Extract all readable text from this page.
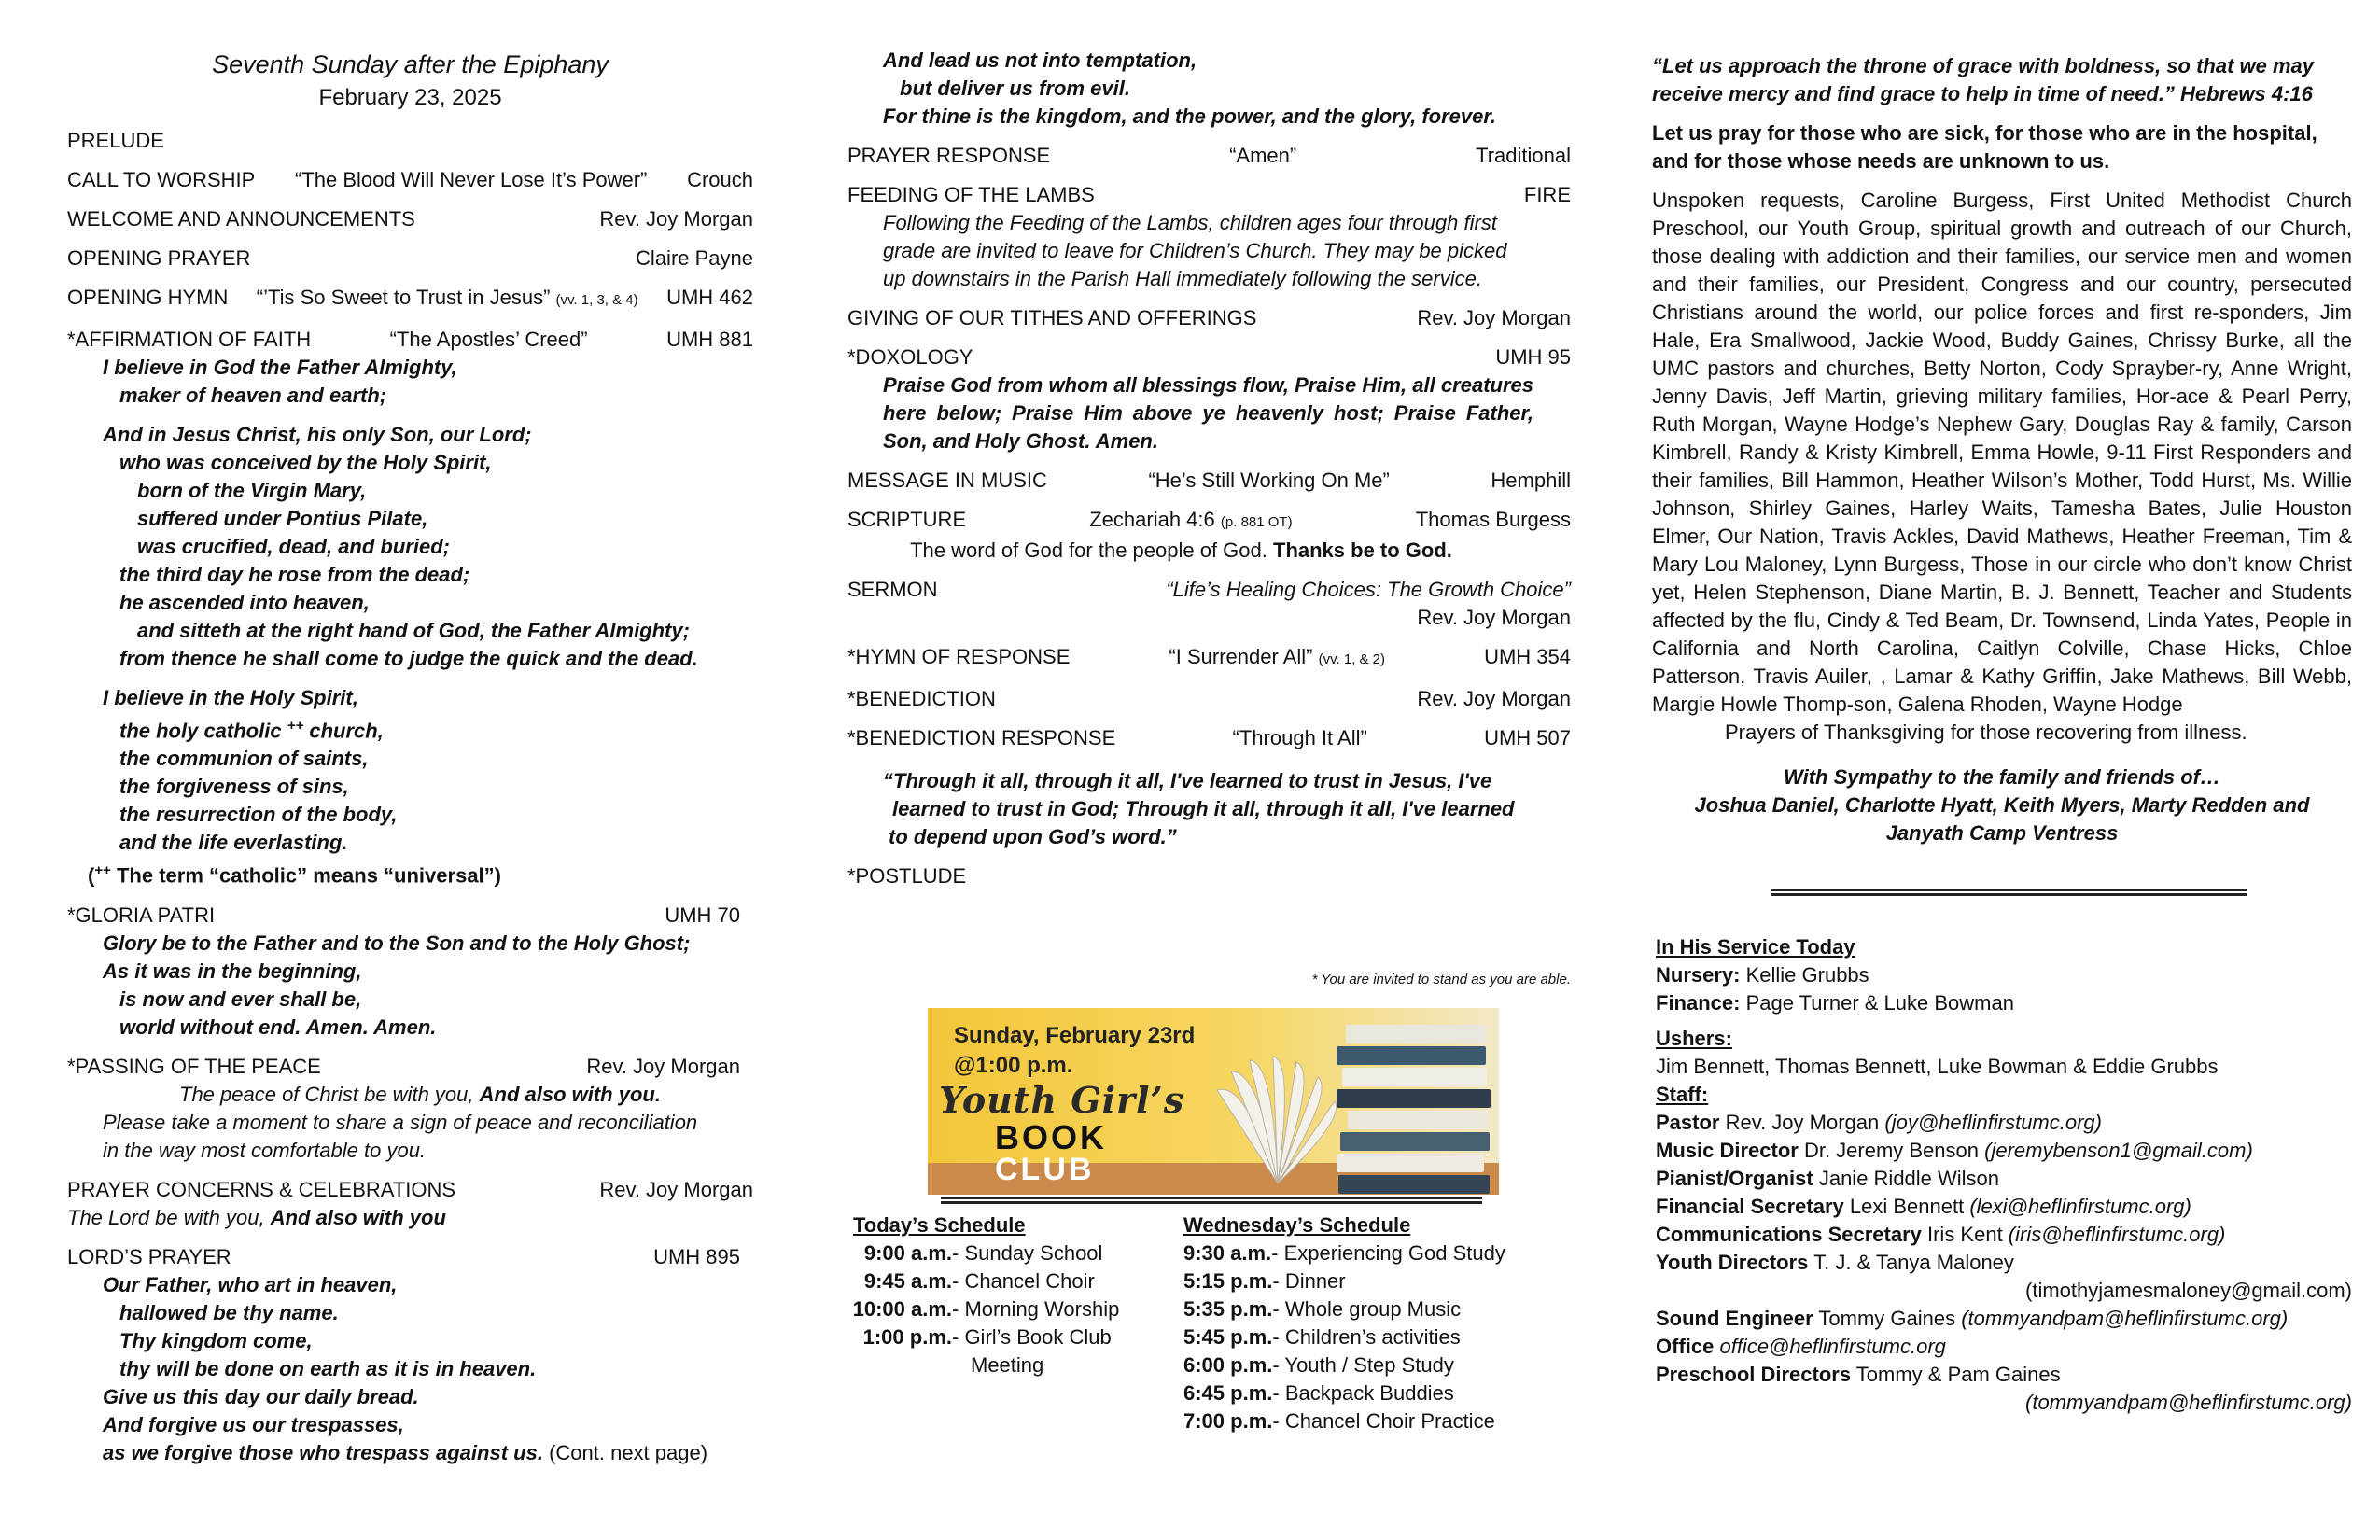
Seventh Sunday after the Epiphany
February 23, 2025
PRELUDE
CALL TO WORSHIP	“The Blood Will Never Lose It’s Power”	Crouch
WELCOME AND ANNOUNCEMENTS	Rev. Joy Morgan
OPENING PRAYER	Claire Payne
OPENING HYMN	“’Tis So Sweet to Trust in Jesus” (vv. 1, 3, & 4)	UMH 462
*AFFIRMATION OF FAITH	“The Apostles’ Creed”	UMH 881
I believe in God the Father Almighty,
maker of heaven and earth;
And in Jesus Christ, his only Son, our Lord;
who was conceived by the Holy Spirit,
born of the Virgin Mary,
suffered under Pontius Pilate,
was crucified, dead, and buried;
the third day he rose from the dead;
he ascended into heaven,
and sitteth at the right hand of God, the Father Almighty;
from thence he shall come to judge the quick and the dead.
I believe in the Holy Spirit,
the holy catholic ++ church,
the communion of saints,
the forgiveness of sins,
the resurrection of the body,
and the life everlasting.
(++ The term “catholic” means “universal”)
*GLORIA PATRI	UMH 70
Glory be to the Father and to the Son and to the Holy Ghost;
As it was in the beginning,
is now and ever shall be,
world without end. Amen. Amen.
*PASSING OF THE PEACE	Rev. Joy Morgan
The peace of Christ be with you, And also with you.
Please take a moment to share a sign of peace and reconciliation
in the way most comfortable to you.
PRAYER CONCERNS & CELEBRATIONS	Rev. Joy Morgan
The Lord be with you, And also with you
LORD’S PRAYER	UMH 895
Our Father, who art in heaven,
hallowed be thy name.
Thy kingdom come,
thy will be done on earth as it is in heaven.
Give us this day our daily bread.
And forgive us our trespasses,
as we forgive those who trespass against us. (Cont. next page)
And lead us not into temptation,
but deliver us from evil.
For thine is the kingdom, and the power, and the glory, forever.
PRAYER RESPONSE	“Amen”	Traditional
FEEDING OF THE LAMBS	FIRE
Following the Feeding of the Lambs, children ages four through first grade are invited to leave for Children’s Church. They may be picked up downstairs in the Parish Hall immediately following the service.
GIVING OF OUR TITHES AND OFFERINGS	Rev. Joy Morgan
*DOXOLOGY	UMH 95
Praise God from whom all blessings flow, Praise Him, all creatures here below; Praise Him above ye heavenly host; Praise Father, Son, and Holy Ghost. Amen.
MESSAGE IN MUSIC	“He’s Still Working On Me”	Hemphill
SCRIPTURE	Zechariah 4:6 (p. 881 OT)	Thomas Burgess
The word of God for the people of God. Thanks be to God.
SERMON	“Life’s Healing Choices: The Growth Choice”
Rev. Joy Morgan
*HYMN OF RESPONSE	“I Surrender All” (vv. 1, & 2)	UMH 354
*BENEDICTION	Rev. Joy Morgan
*BENEDICTION RESPONSE	“Through It All”	UMH 507
“Through it all, through it all, I've learned to trust in Jesus, I've
learned to trust in God; Through it all, through it all, I've learned
to depend upon God’s word.”
*POSTLUDE
* You are invited to stand as you are able.
Sunday, February 23rd
@1:00 p.m.
Youth Girl’s
BOOK
CLUB
Today’s Schedule
9:00 a.m. - Sunday School
9:45 a.m. - Chancel Choir
10:00 a.m. - Morning Worship
1:00 p.m. - Girl’s Book Club
Meeting
Wednesday’s Schedule
9:30 a.m. - Experiencing God Study
5:15 p.m. - Dinner
5:35 p.m. - Whole group Music
5:45 p.m. - Children’s activities
6:00 p.m. - Youth / Step Study
6:45 p.m. - Backpack Buddies
7:00 p.m. - Chancel Choir Practice
“Let us approach the throne of grace with boldness, so that we may receive mercy and find grace to help in time of need.” Hebrews 4:16
Let us pray for those who are sick, for those who are in the hospital, and for those whose needs are unknown to us.
Unspoken requests, Caroline Burgess, First United Methodist Church Preschool, our Youth Group, spiritual growth and outreach of our Church, those dealing with addiction and their families, our service men and women and their families, our President, Congress and our country, persecuted Christians around the world, our police forces and first re-sponders, Jim Hale, Era Smallwood, Jackie Wood, Buddy Gaines, Chrissy Burke, all the UMC pastors and churches, Betty Norton, Cody Sprayber-ry, Anne Wright, Jenny Davis, Jeff Martin, grieving military families, Hor-ace & Pearl Perry, Ruth Morgan, Wayne Hodge’s Nephew Gary, Douglas Ray & family, Carson Kimbrell, Randy & Kristy Kimbrell, Emma Howle, 9-11 First Responders and their families, Bill Hammon, Heather Wilson’s Mother, Todd Hurst, Ms. Willie Johnson, Shirley Gaines, Harley Waits, Tamesha Bates, Julie Houston Elmer, Our Nation, Travis Ackles, David Mathews, Heather Freeman, Tim & Mary Lou Maloney, Lynn Burgess, Those in our circle who don’t know Christ yet, Helen Stephenson, Diane Martin, B. J. Bennett, Teacher and Students affected by the flu, Cindy & Ted Beam, Dr. Townsend, Linda Yates, People in California and North Carolina, Caitlyn Colville, Chase Hicks, Chloe Patterson, Travis Auiler, , Lamar & Kathy Griffin, Jake Mathews, Bill Webb, Margie Howle Thomp-son, Galena Rhoden, Wayne Hodge
Prayers of Thanksgiving for those recovering from illness.
With Sympathy to the family and friends of…
Joshua Daniel, Charlotte Hyatt, Keith Myers, Marty Redden and
Janyath Camp Ventress
In His Service Today
Nursery: Kellie Grubbs
Finance: Page Turner & Luke Bowman
Ushers:
Jim Bennett, Thomas Bennett, Luke Bowman & Eddie Grubbs
Staff:
Pastor Rev. Joy Morgan (joy@heflinfirstumc.org)
Music Director Dr. Jeremy Benson (jeremybenson1@gmail.com)
Pianist/Organist Janie Riddle Wilson
Financial Secretary Lexi Bennett (lexi@heflinfirstumc.org)
Communications Secretary Iris Kent (iris@heflinfirstumc.org)
Youth Directors T. J. & Tanya Maloney
(timothyjamesmaloney@gmail.com)
Sound Engineer Tommy Gaines (tommyandpam@heflinfirstumc.org)
Office office@heflinfirstumc.org
Preschool Directors Tommy & Pam Gaines
(tommyandpam@heflinfirstumc.org)
